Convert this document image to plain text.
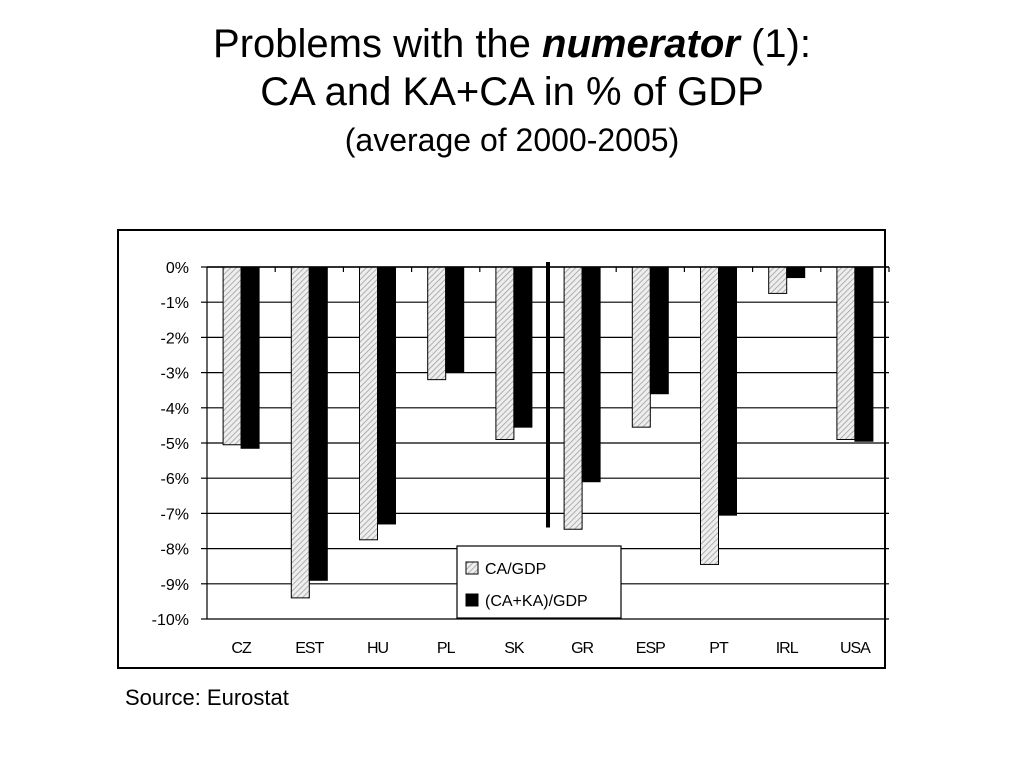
Problems with the numerator (1):
CA and KA+CA in % of GDP
(average of 2000-2005)
0%
-1%
-2%
-3%
-4%
-5%
-6%
-7%
-8%
-9%
-10%
CZ	EST	HU	PL	SK	GR	ESP	PT	IRL	USA
CA/GDP
(CA+KA)/GDP
Source: Eurostat
